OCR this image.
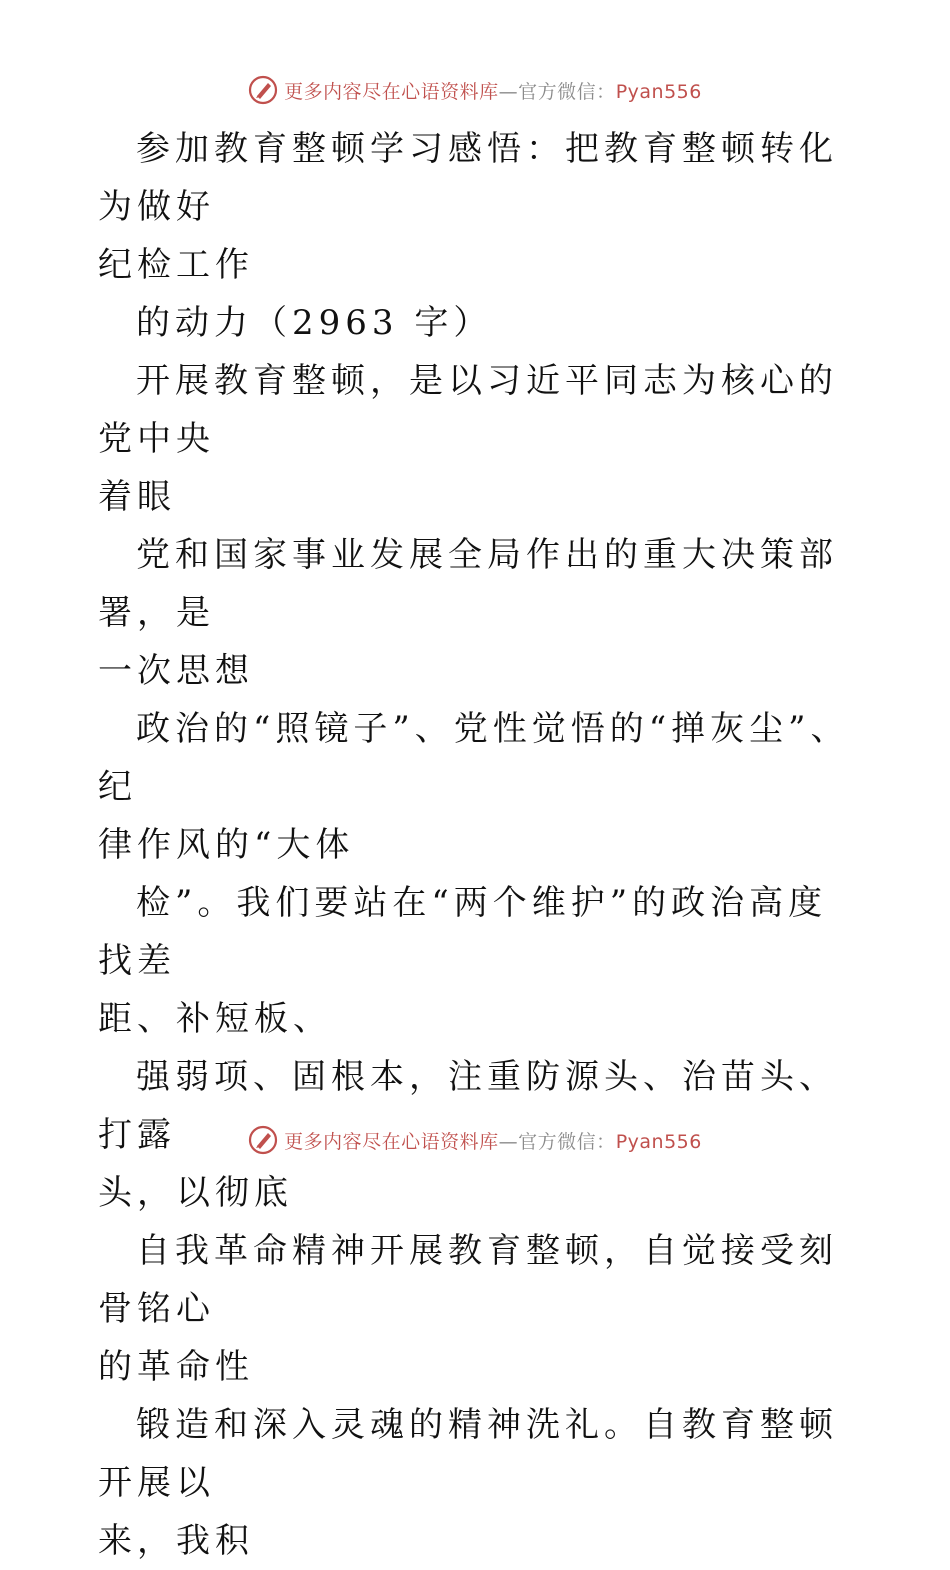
更多内容尽在心语资料库—官方微信：Pyan556

参加教育整顿学习感悟：把教育整顿转化为做好

纪检工作

的动力（2963 字）

开展教育整顿，是以习近平同志为核心的党中央

着眼

党和国家事业发展全局作出的重大决策部署，是

一次思想

政治的“照镜子”、党性觉悟的“掸灰尘”、纪

律作风的“大体

检”。我们要站在“两个维护”的政治高度找差

距、补短板、

强弱项、固根本，注重防源头、治苗头、打露

头，以彻底

自我革命精神开展教育整顿，自觉接受刻骨铭心

的革命性

锻造和深入灵魂的精神洗礼。自教育整顿开展以

来，我积

更多内容尽在心语资料库—官方微信：Pyan556
